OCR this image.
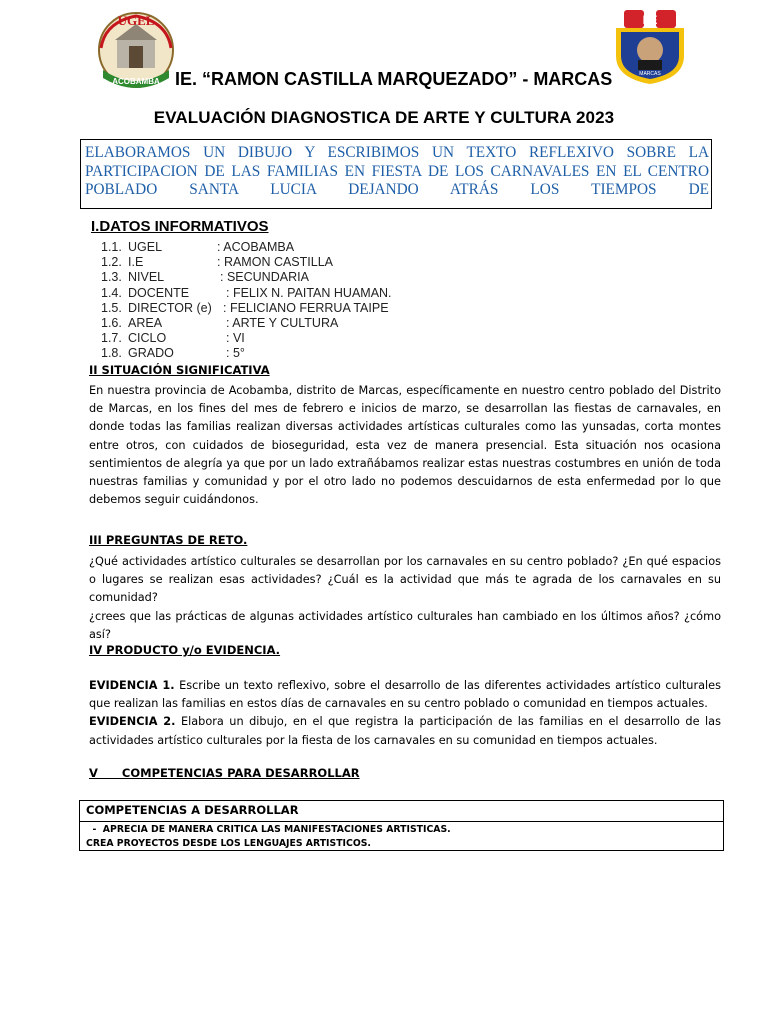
UGEL
ACOBAMBA
I E
MARCAS
IE. “RAMON CASTILLA MARQUEZADO” - MARCAS
EVALUACIÓN DIAGNOSTICA DE ARTE Y CULTURA 2023

ELABORAMOS UN DIBUJO Y ESCRIBIMOS UN TEXTO REFLEXIVO SOBRE LA PARTICIPACION DE LAS FAMILIAS EN FIESTA DE LOS CARNAVALES EN EL CENTRO POBLADO SANTA LUCIA DEJANDO ATRÁS LOS TIEMPOS DE

I.DATOS INFORMATIVOS
1.1. UGEL	: ACOBAMBA
1.2. I.E	: RAMON CASTILLA
1.3. NIVEL	: SECUNDARIA
1.4. DOCENTE	: FELIX N. PAITAN HUAMAN.
1.5. DIRECTOR (e) : FELICIANO FERRUA TAIPE
1.6. AREA	: ARTE Y CULTURA
1.7. CICLO	: VI
1.8. GRADO	: 5°
II SITUACIÓN SIGNIFICATIVA

En nuestra provincia de Acobamba, distrito de Marcas, específicamente en nuestro centro poblado del Distrito de Marcas, en los fines del mes de febrero e inicios de marzo, se desarrollan las fiestas de carnavales, en donde todas las familias realizan diversas actividades artísticas culturales como las yunsadas, corta montes entre otros, con cuidados de bioseguridad, esta vez de manera presencial. Esta situación nos ocasiona sentimientos de alegría ya que por un lado extrañábamos realizar estas nuestras costumbres en unión de toda nuestras familias y comunidad y por el otro lado no podemos descuidarnos de esta enfermedad por lo que debemos seguir cuidándonos.

III PREGUNTAS DE RETO.

¿Qué actividades artístico culturales se desarrollan por los carnavales en su centro poblado? ¿En qué espacios o lugares se realizan esas actividades? ¿Cuál es la actividad que más te agrada de los carnavales en su comunidad?

¿crees que las prácticas de algunas actividades artístico culturales han cambiado en los últimos años? ¿cómo así?

IV PRODUCTO y/o EVIDENCIA.

EVIDENCIA 1. Escribe un texto reflexivo, sobre el desarrollo de las diferentes actividades artístico culturales que realizan las familias en estos días de carnavales en su centro poblado o comunidad en tiempos actuales.

EVIDENCIA 2. Elabora un dibujo, en el que registra la participación de las familias en el desarrollo de las actividades artístico culturales por la fiesta de los carnavales en su comunidad en tiempos actuales.

V      COMPETENCIAS PARA DESARROLLAR
COMPETENCIAS A DESARROLLAR
-  APRECIA DE MANERA CRITICA LAS MANIFESTACIONES ARTISTICAS.
CREA PROYECTOS DESDE LOS LENGUAJES ARTISTICOS.
